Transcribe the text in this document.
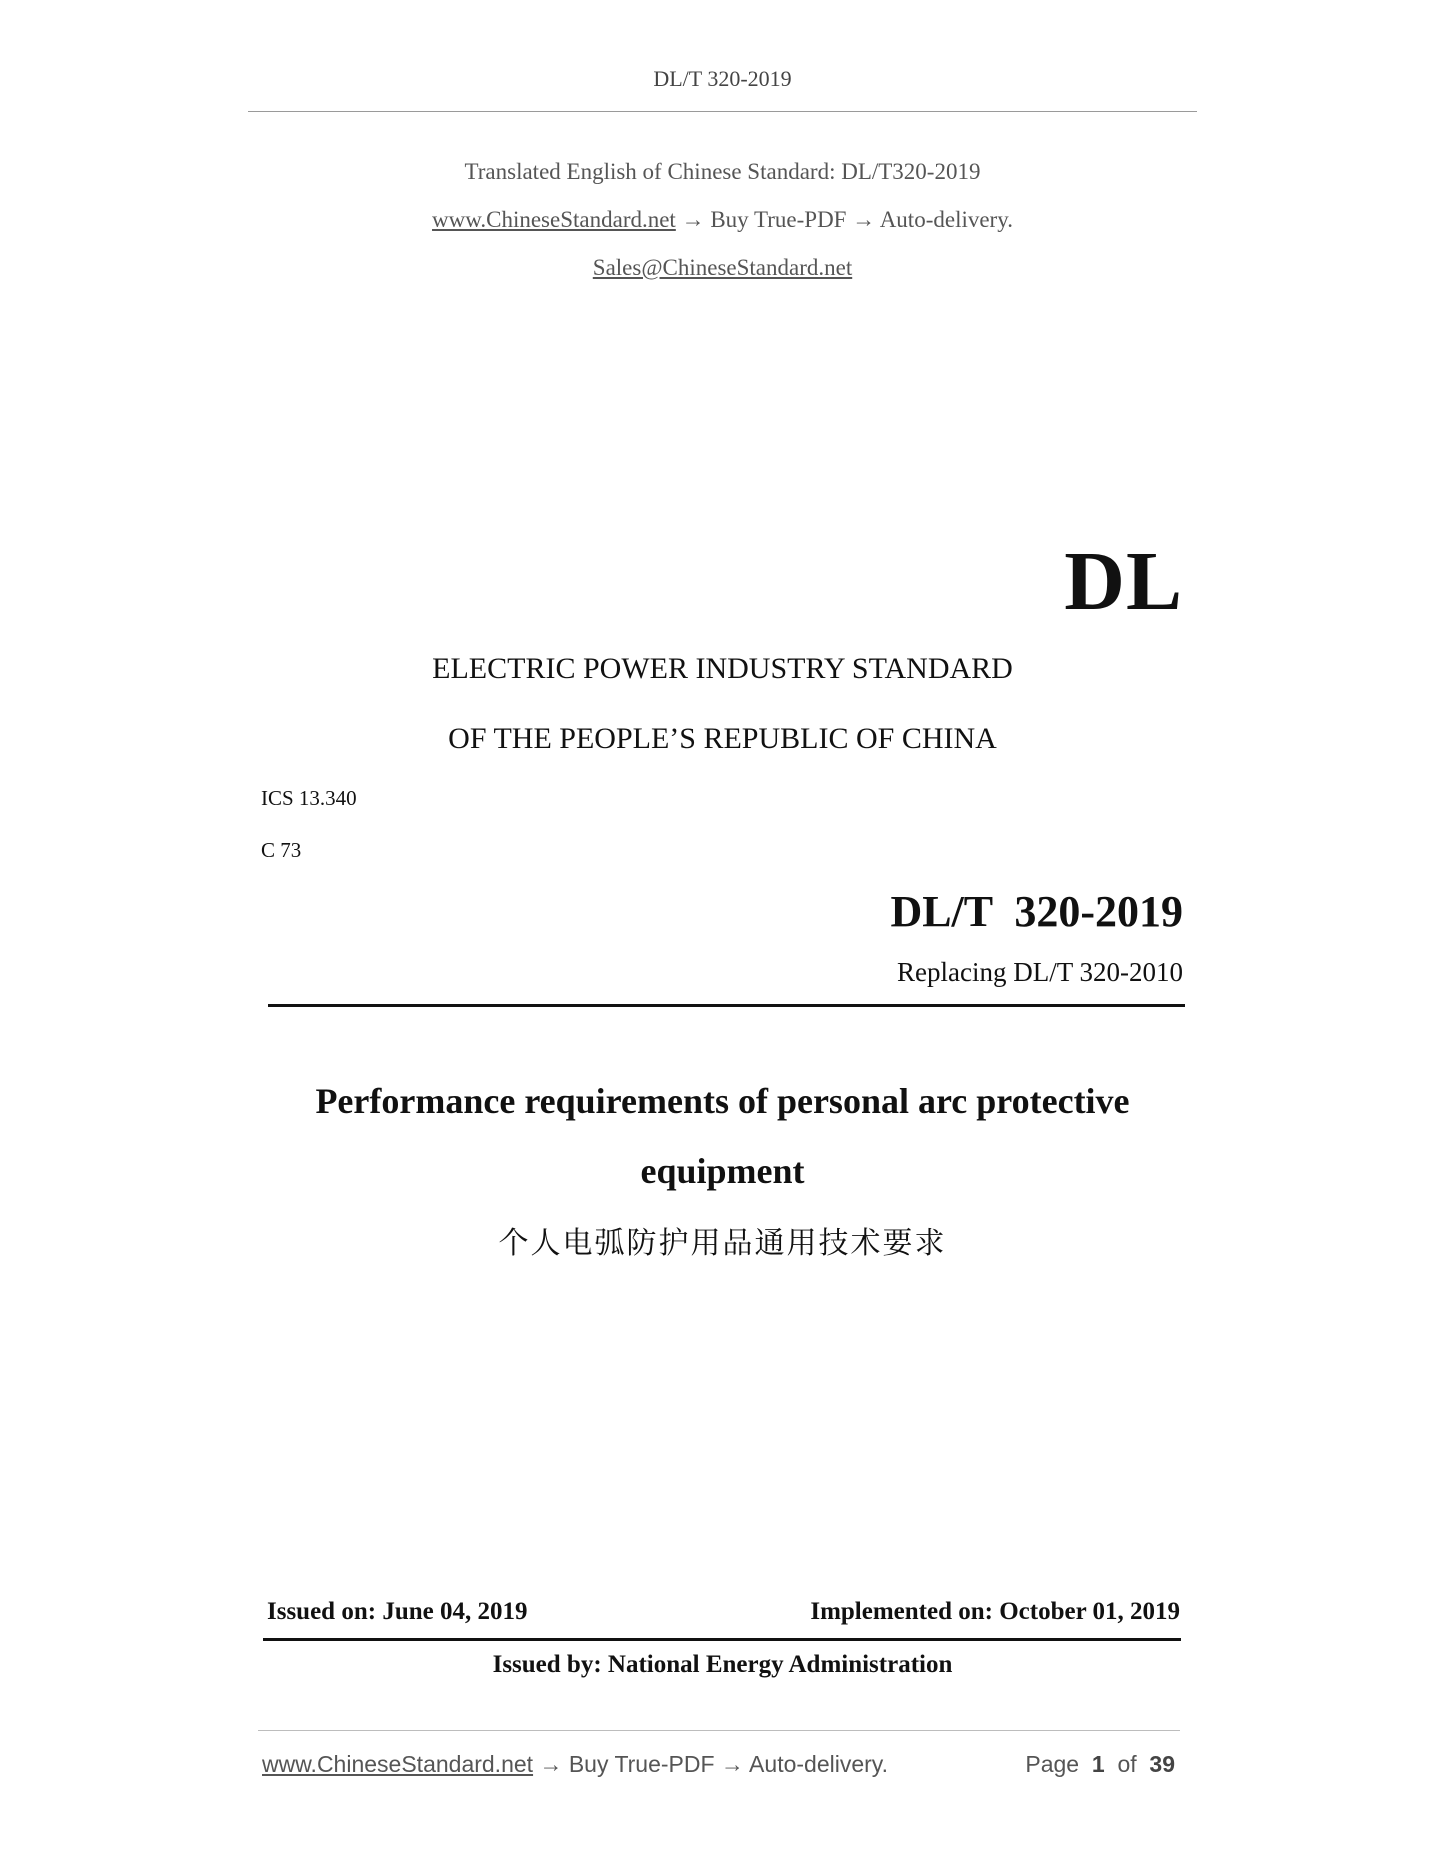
DL/T 320-2019
Translated English of Chinese Standard: DL/T320-2019
www.ChineseStandard.net → Buy True-PDF → Auto-delivery.
Sales@ChineseStandard.net
DL
ELECTRIC POWER INDUSTRY STANDARD
OF THE PEOPLE’S REPUBLIC OF CHINA
ICS 13.340
C 73
DL/T  320-2019
Replacing DL/T 320-2010
Performance requirements of personal arc protective
equipment
个人电弧防护用品通用技术要求
Issued on: June 04, 2019	Implemented on: October 01, 2019
Issued by: National Energy Administration
www.ChineseStandard.net → Buy True-PDF → Auto-delivery.	Page 1 of 39
